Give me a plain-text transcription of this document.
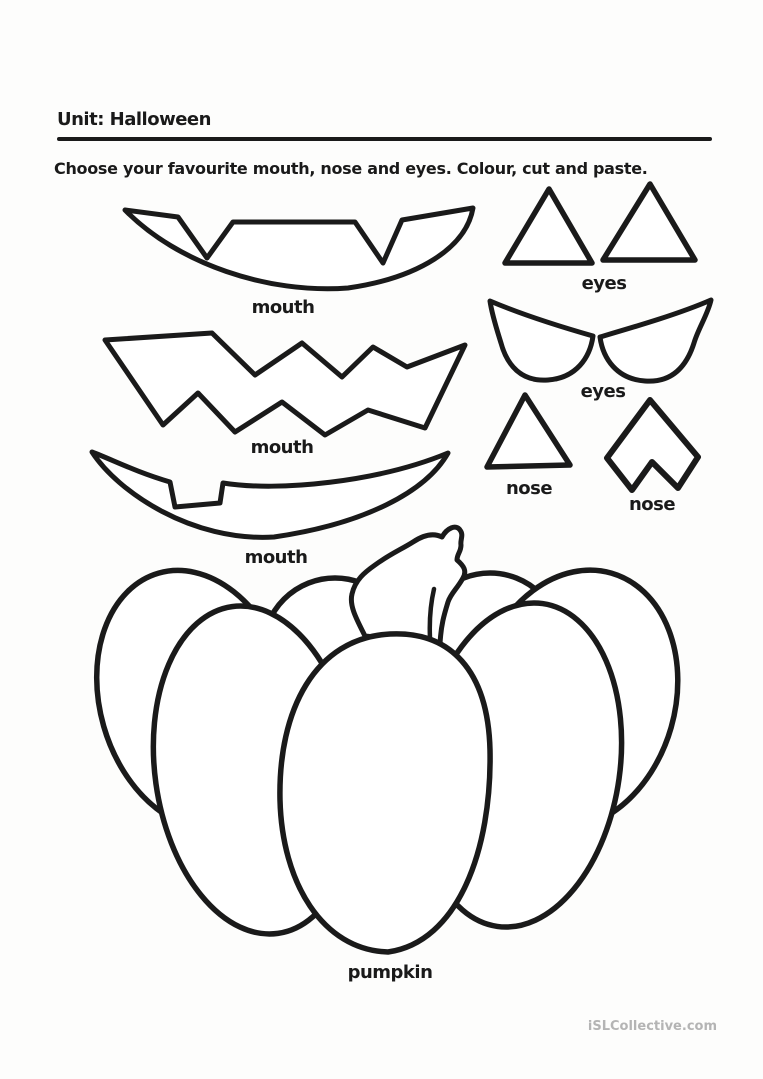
Unit: Halloween
Choose your favourite mouth, nose and eyes. Colour, cut and paste.
mouth
eyes
eyes
mouth
nose
nose
mouth
pumpkin
iSLCollective.com
